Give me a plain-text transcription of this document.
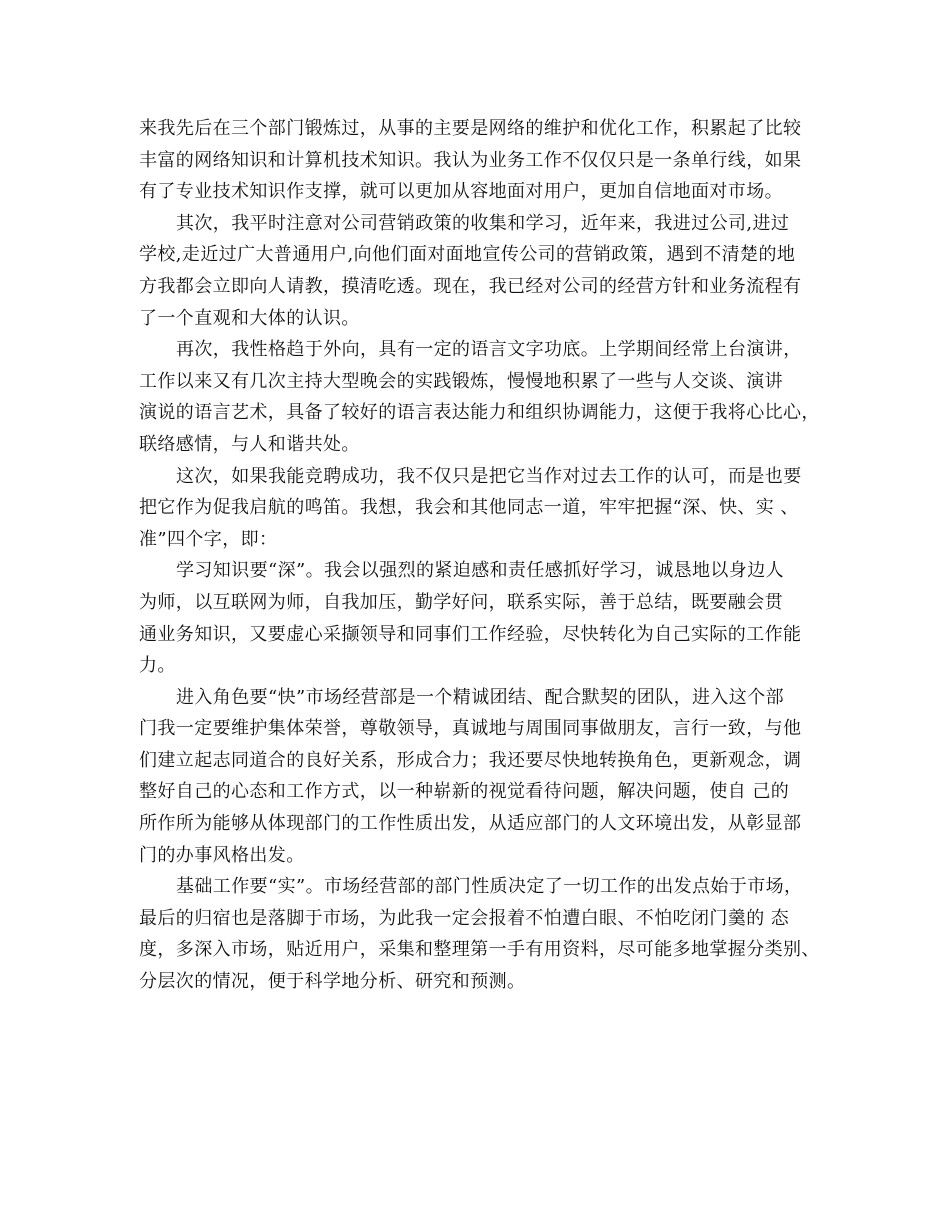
来我先后在三个部门锻炼过，从事的主要是网络的维护和优化工作，积累起了比较
丰富的网络知识和计算机技术知识。我认为业务工作不仅仅只是一条单行线，如果
有了专业技术知识作支撑，就可以更加从容地面对用户，更加自信地面对市场。
其次，我平时注意对公司营销政策的收集和学习，近年来，我进过公司,进过
学校,走近过广大普通用户,向他们面对面地宣传公司的营销政策，遇到不清楚的地
方我都会立即向人请教，摸清吃透。现在，我已经对公司的经营方针和业务流程有
了一个直观和大体的认识。
再次，我性格趋于外向，具有一定的语言文字功底。上学期间经常上台演讲，
工作以来又有几次主持大型晚会的实践锻炼，慢慢地积累了一些与人交谈、演讲
演说的语言艺术，具备了较好的语言表达能力和组织协调能力，这便于我将心比心，
联络感情，与人和谐共处。
这次，如果我能竞聘成功，我不仅只是把它当作对过去工作的认可，而是也要
把它作为促我启航的鸣笛。我想，我会和其他同志一道，牢牢把握“深、快、实 、
准”四个字，即：
学习知识要“深”。我会以强烈的紧迫感和责任感抓好学习，诚恳地以身边人
为师，以互联网为师，自我加压，勤学好问，联系实际，善于总结，既要融会贯
通业务知识，又要虚心采撷领导和同事们工作经验，尽快转化为自己实际的工作能
力。
进入角色要“快”市场经营部是一个精诚团结、配合默契的团队，进入这个部
门我一定要维护集体荣誉，尊敬领导，真诚地与周围同事做朋友，言行一致，与他
们建立起志同道合的良好关系，形成合力；我还要尽快地转换角色，更新观念，调
整好自己的心态和工作方式，以一种崭新的视觉看待问题，解决问题，使自 己的
所作所为能够从体现部门的工作性质出发，从适应部门的人文环境出发，从彰显部
门的办事风格出发。
基础工作要“实”。市场经营部的部门性质决定了一切工作的出发点始于市场，
最后的归宿也是落脚于市场，为此我一定会报着不怕遭白眼、不怕吃闭门羹的 态
度，多深入市场，贴近用户，采集和整理第一手有用资料，尽可能多地掌握分类别、
分层次的情况，便于科学地分析、研究和预测。
